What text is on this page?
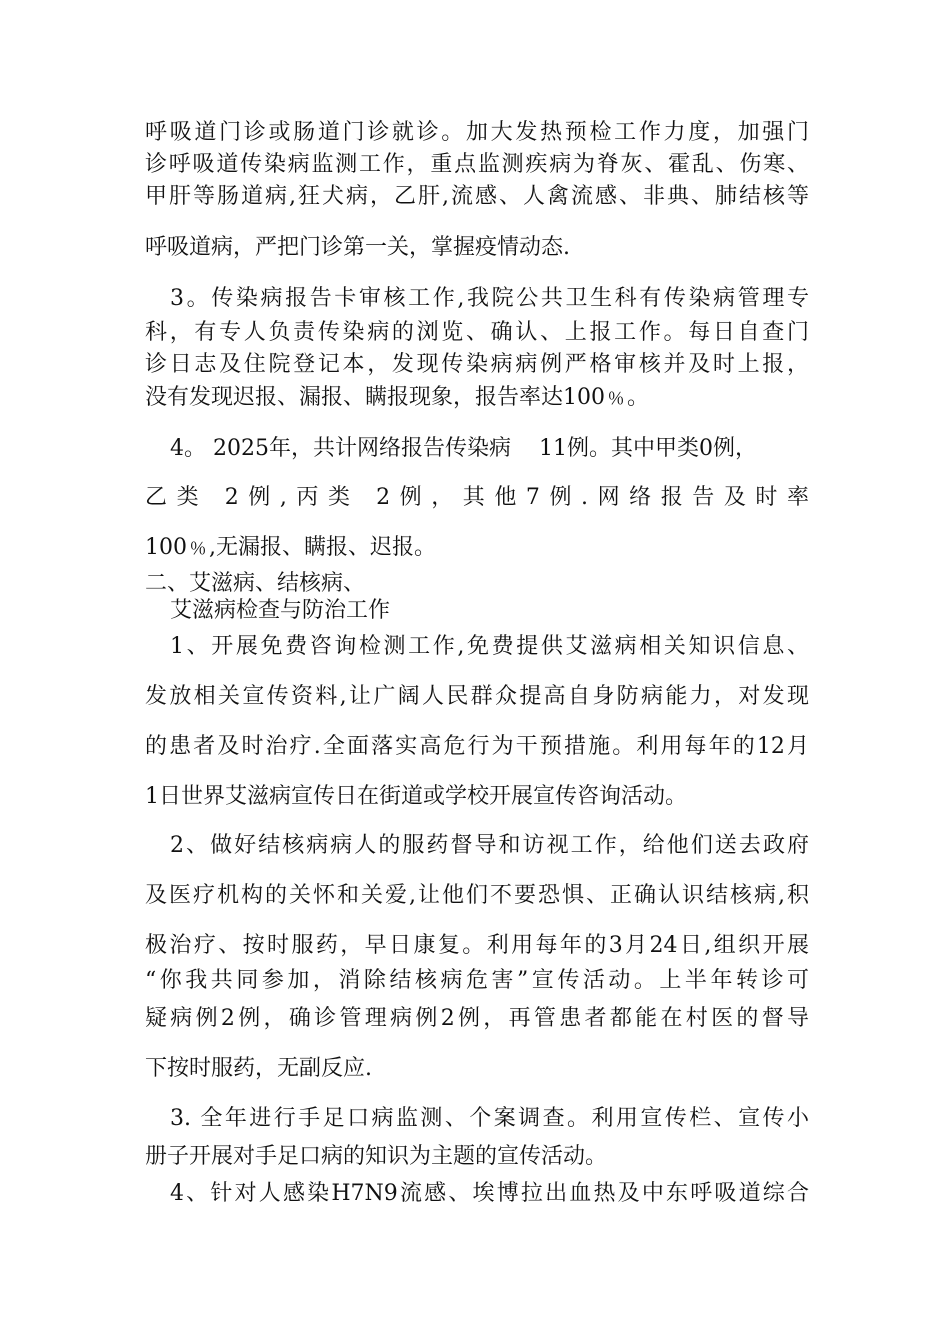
呼吸道门诊或肠道门诊就诊。加大发热预检工作力度，加强门
诊呼吸道传染病监测工作，重点监测疾病为脊灰、霍乱、伤寒、
甲肝等肠道病,狂犬病，乙肝,流感、人禽流感、非典、肺结核等
呼吸道病，严把门诊第一关，掌握疫情动态.
3。传染病报告卡审核工作,我院公共卫生科有传染病管理专
科，有专人负责传染病的浏览、确认、上报工作。每日自查门
诊日志及住院登记本，发现传染病病例严格审核并及时上报，
没有发现迟报、漏报、瞒报现象，报告率达100﹪。
4。 2025年，共计网络报告传染病    11例。其中甲类0例，
乙类 2例,丙类 2例，其他7例.网络报告及时率
100﹪,无漏报、瞒报、迟报。
二、艾滋病、结核病、
艾滋病检查与防治工作
1、开展免费咨询检测工作,免费提供艾滋病相关知识信息、
发放相关宣传资料,让广阔人民群众提高自身防病能力，对发现
的患者及时治疗.全面落实高危行为干预措施。利用每年的12月
1日世界艾滋病宣传日在街道或学校开展宣传咨询活动。
2、做好结核病病人的服药督导和访视工作，给他们送去政府
及医疗机构的关怀和关爱,让他们不要恐惧、正确认识结核病,积
极治疗、按时服药，早日康复。利用每年的3月24日,组织开展
“你我共同参加，消除结核病危害”宣传活动。上半年转诊可
疑病例2例，确诊管理病例2例，再管患者都能在村医的督导
下按时服药，无副反应.
3. 全年进行手足口病监测、个案调查。利用宣传栏、宣传小
册子开展对手足口病的知识为主题的宣传活动。
4、针对人感染H7N9流感、埃博拉出血热及中东呼吸道综合
